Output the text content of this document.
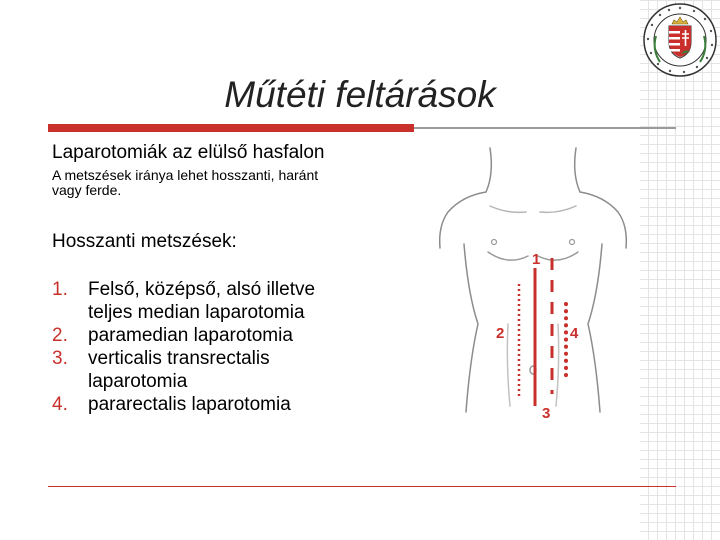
Műtéti feltárások
Laparotomiák az elülső hasfalon
A metszések iránya lehet hosszanti, haránt
vagy ferde.
Hosszanti metszések:
1. Felső, középső, alsó illetve
teljes median laparotomia
2. paramedian laparotomia
3. verticalis transrectalis
laparotomia
4. pararectalis laparotomia
1
2
3
4
